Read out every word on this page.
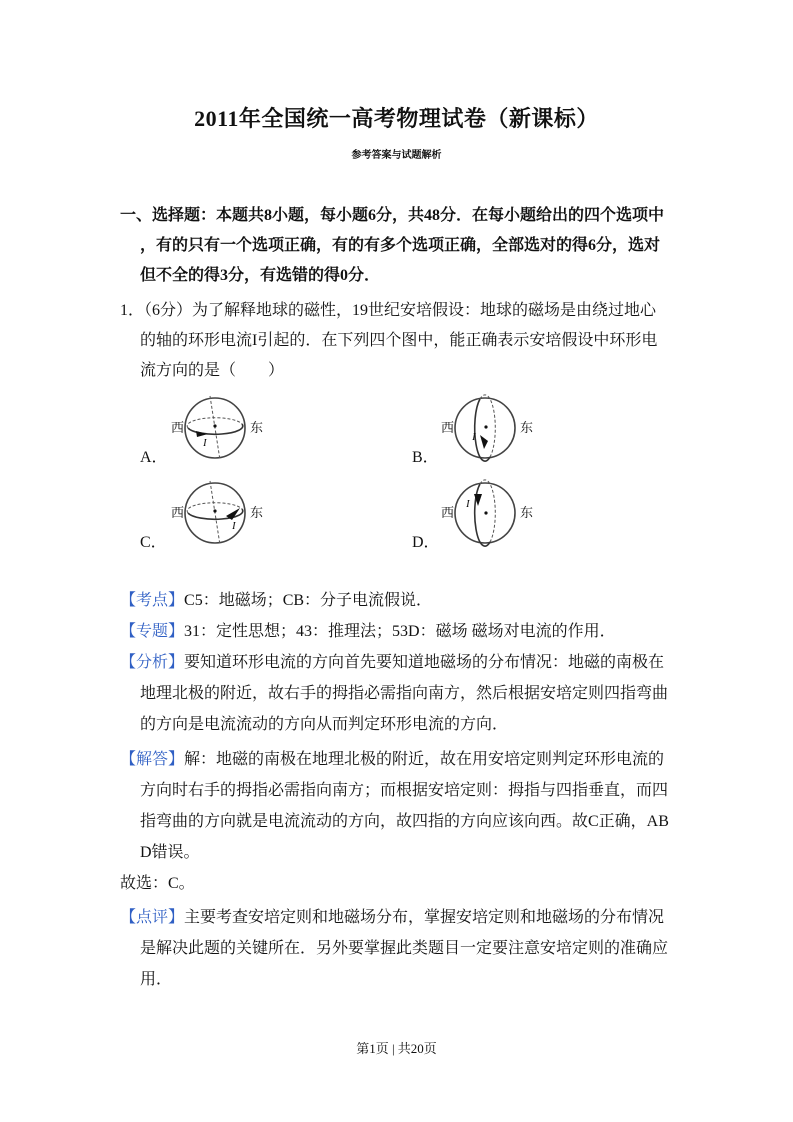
2011年全国统一高考物理试卷（新课标）
参考答案与试题解析
一、选择题：本题共8小题，每小题6分，共48分．在每小题给出的四个选项中
，有的只有一个选项正确，有的有多个选项正确，全部选对的得6分，选对
但不全的得3分，有选错的得0分．
1．（6分）为了解释地球的磁性，19世纪安培假设：地球的磁场是由绕过地心
的轴的环形电流I引起的．在下列四个图中，能正确表示安培假设中环形电
流方向的是（　　）
A．
西	东
I
B．
西	东
I
C．
西	东
I
D．
西	东
I
【考点】C5：地磁场；CB：分子电流假说．
【专题】31：定性思想；43：推理法；53D：磁场 磁场对电流的作用．
【分析】要知道环形电流的方向首先要知道地磁场的分布情况：地磁的南极在
地理北极的附近，故右手的拇指必需指向南方，然后根据安培定则四指弯曲
的方向是电流流动的方向从而判定环形电流的方向．
【解答】解：地磁的南极在地理北极的附近，故在用安培定则判定环形电流的
方向时右手的拇指必需指向南方；而根据安培定则：拇指与四指垂直，而四
指弯曲的方向就是电流流动的方向，故四指的方向应该向西。故C正确，AB
D错误。
故选：C。
【点评】主要考查安培定则和地磁场分布，掌握安培定则和地磁场的分布情况
是解决此题的关键所在．另外要掌握此类题目一定要注意安培定则的准确应
用．
第1页 | 共20页
